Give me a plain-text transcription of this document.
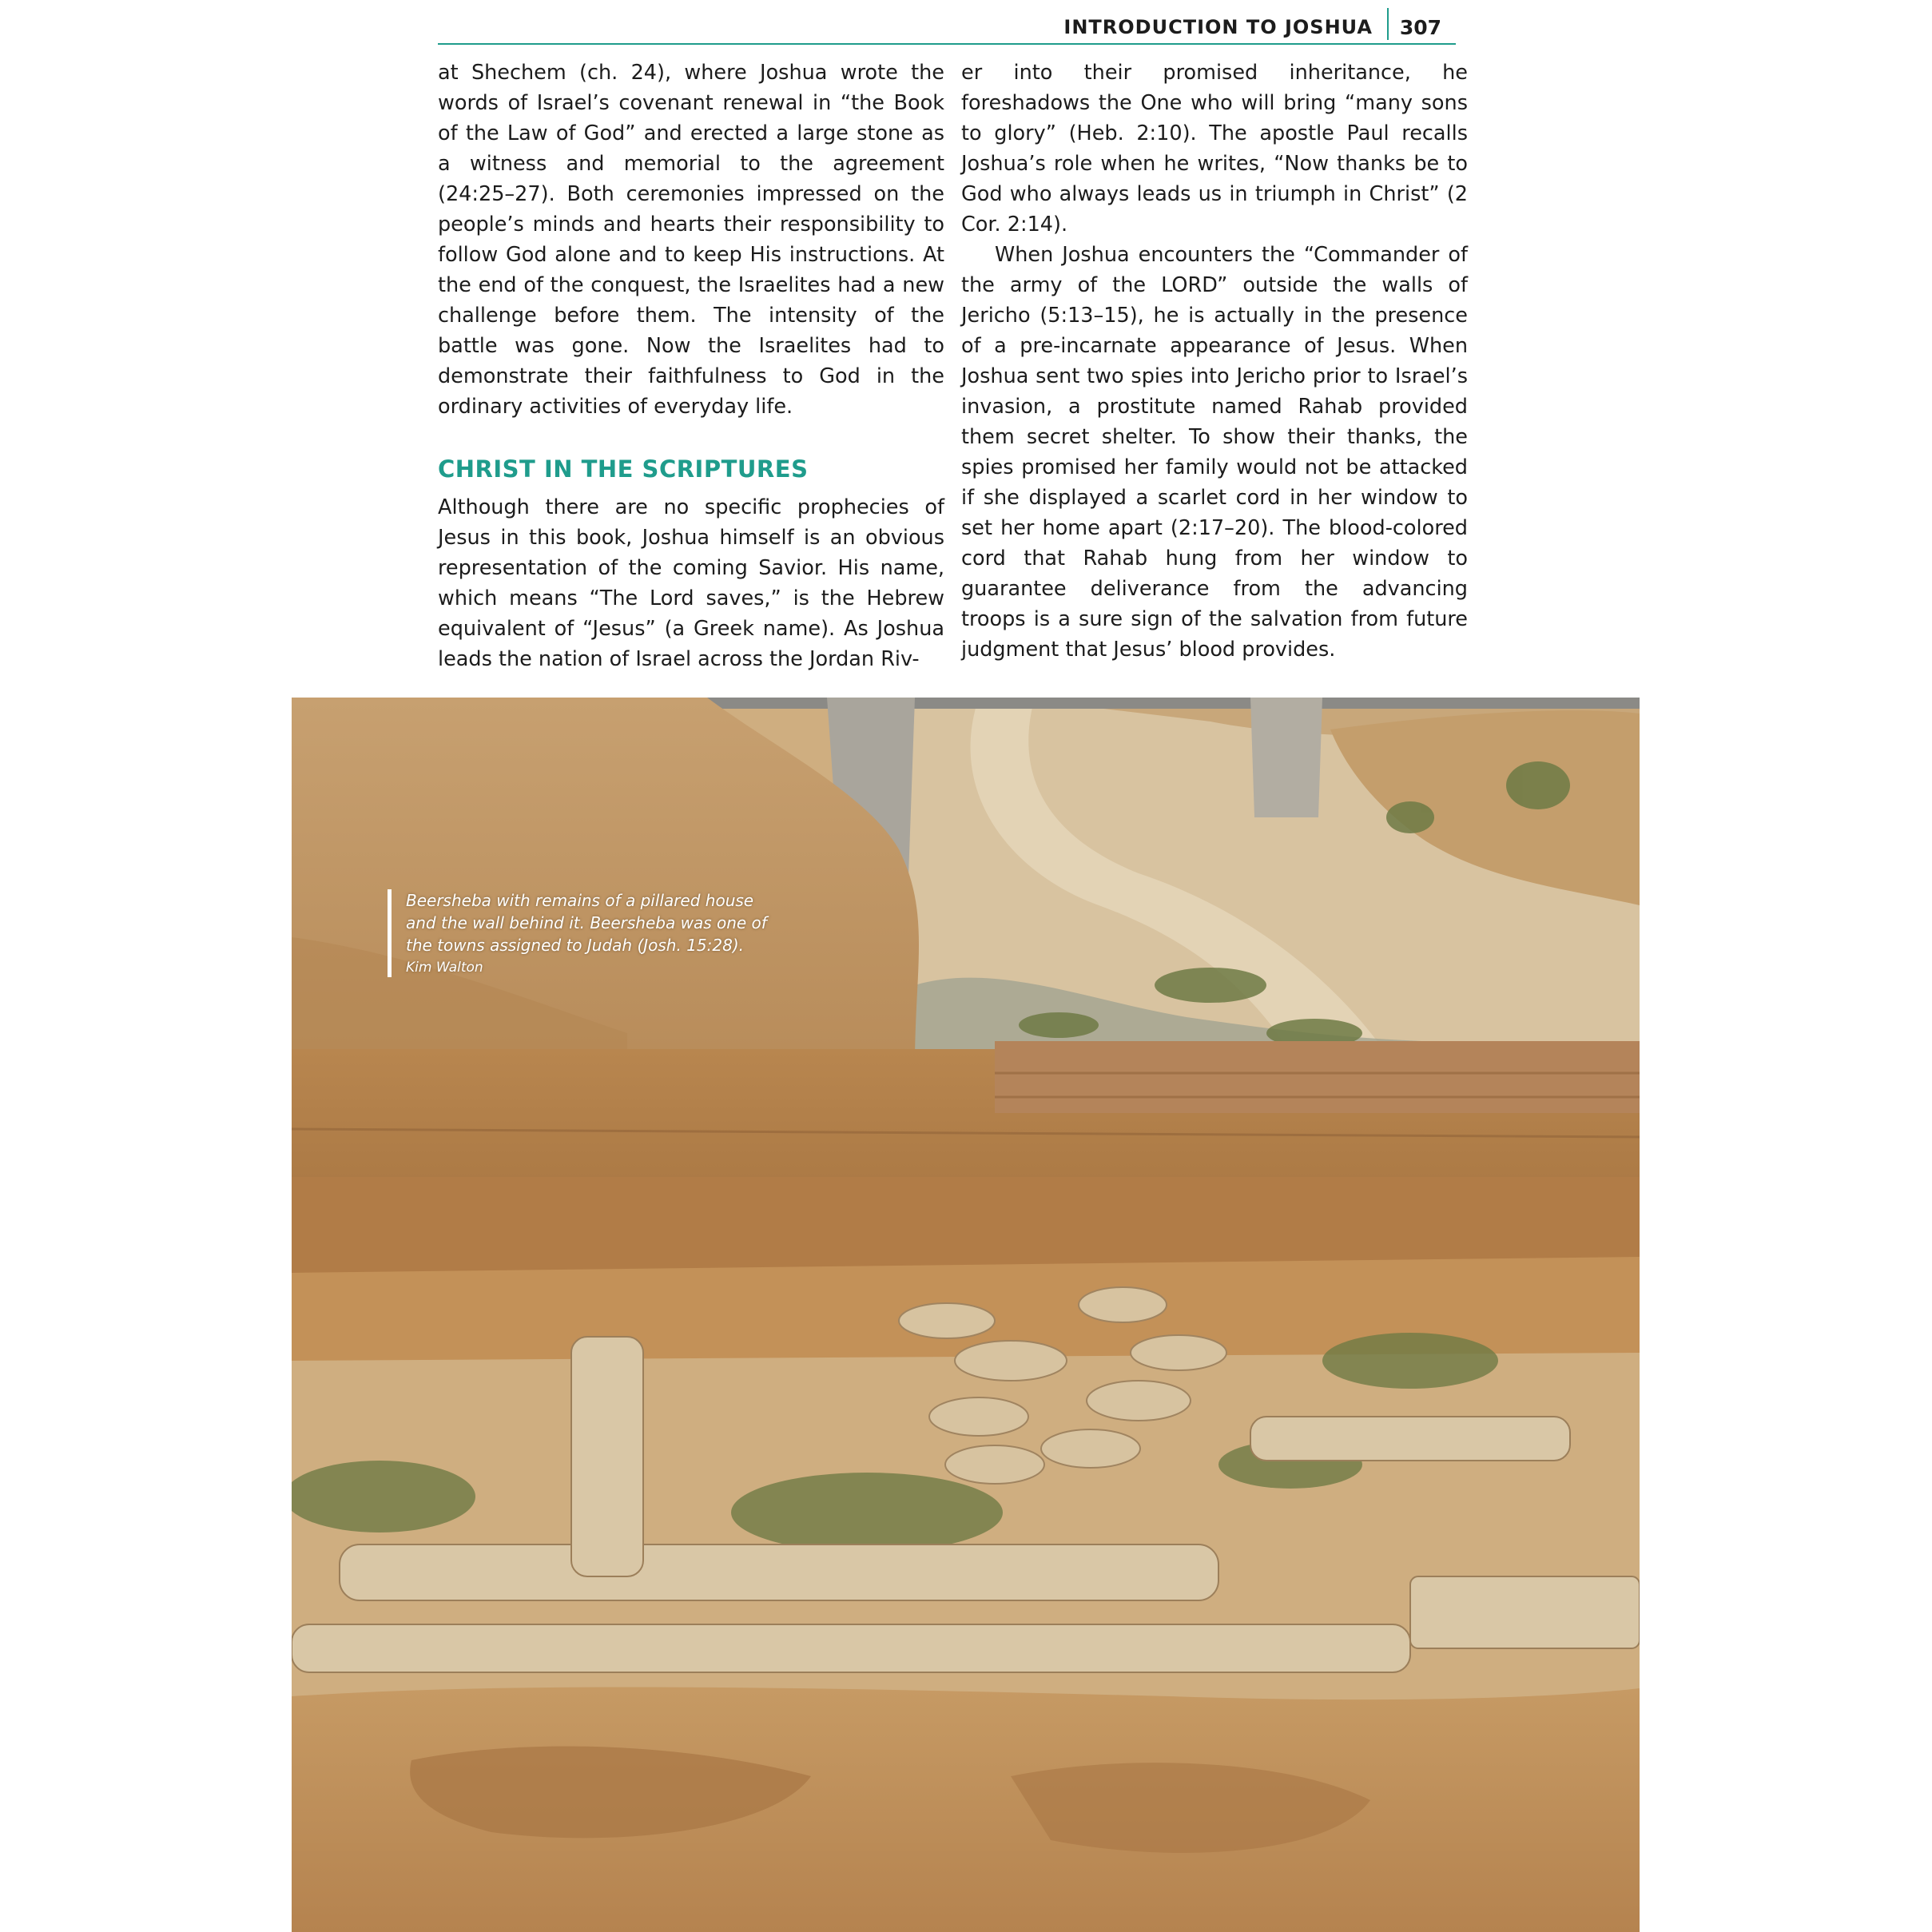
INTRODUCTION TO JOSHUA 307

at Shechem (ch. 24), where Joshua wrote the words of Israel’s covenant renewal in “the Book of the Law of God” and erected a large stone as a witness and memorial to the agreement (24:25–27). Both ceremonies impressed on the people’s minds and hearts their responsibility to follow God alone and to keep His instructions. At the end of the conquest, the Israelites had a new challenge before them. The intensity of the battle was gone. Now the Israelites had to demonstrate their faithfulness to God in the ordinary activities of everyday life.

CHRIST IN THE SCRIPTURES

Although there are no specific prophecies of Jesus in this book, Joshua himself is an obvious representation of the coming Savior. His name, which means “The Lord saves,” is the Hebrew equivalent of “Jesus” (a Greek name). As Joshua leads the nation of Israel across the Jordan Riv-

er into their promised inheritance, he foreshadows the One who will bring “many sons to glory” (Heb. 2:10). The apostle Paul recalls Joshua’s role when he writes, “Now thanks be to God who always leads us in triumph in Christ” (2 Cor. 2:14).

When Joshua encounters the “Commander of the army of the LORD” outside the walls of Jericho (5:13–15), he is actually in the presence of a pre-incarnate appearance of Jesus. When Joshua sent two spies into Jericho prior to Israel’s invasion, a prostitute named Rahab provided them secret shelter. To show their thanks, the spies promised her family would not be attacked if she displayed a scarlet cord in her window to set her home apart (2:17–20). The blood-colored cord that Rahab hung from her window to guarantee deliverance from the advancing troops is a sure sign of the salvation from future judgment that Jesus’ blood provides.

Beersheba with remains of a pillared house and the wall behind it. Beersheba was one of the towns assigned to Judah (Josh. 15:28).

Kim Walton
